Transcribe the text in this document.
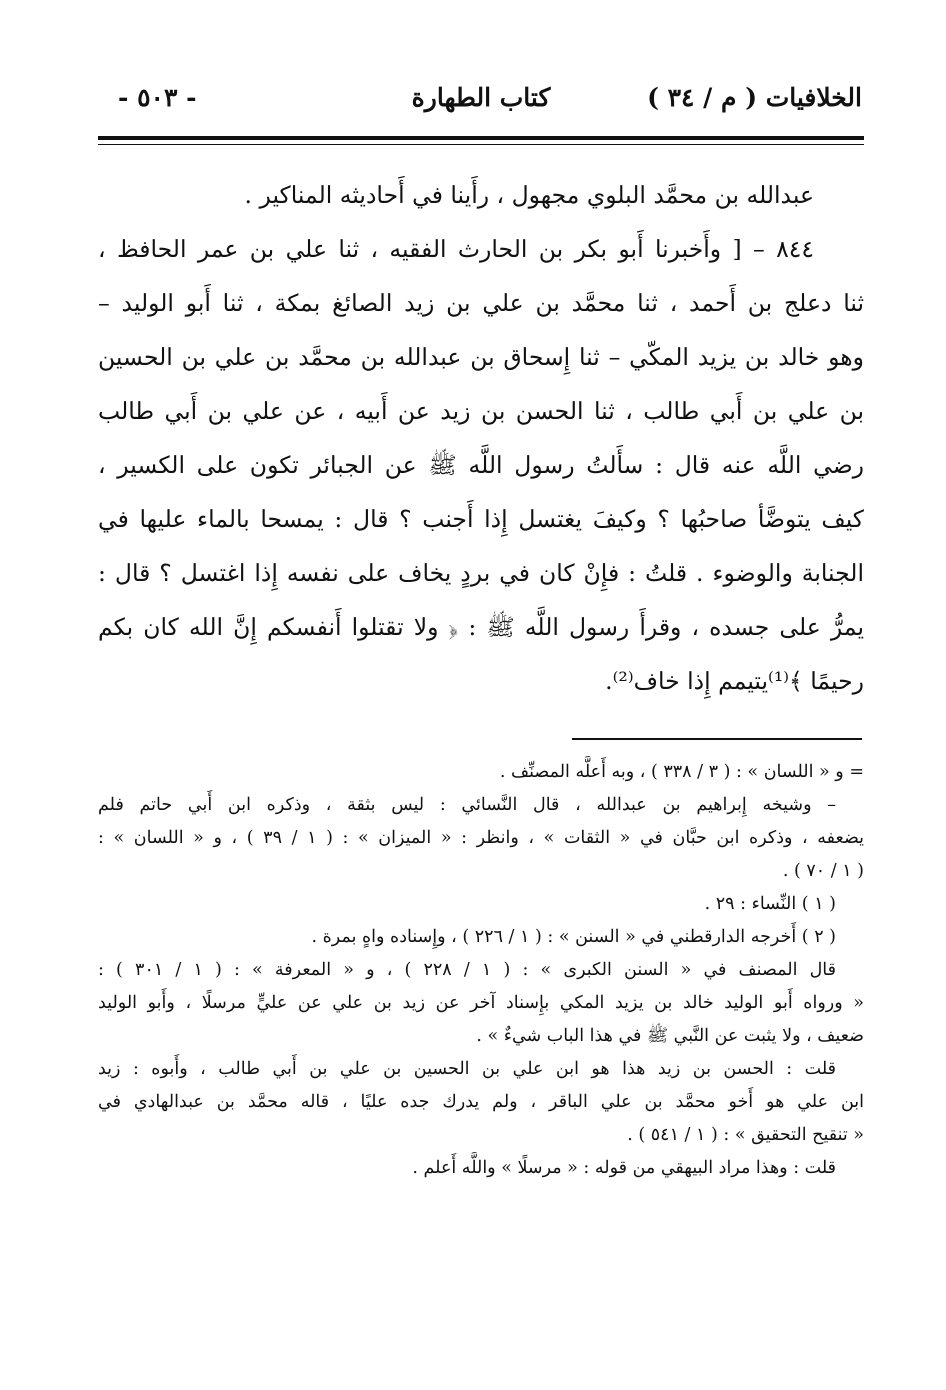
الخلافيات ( م / ٣٤ )
كتاب الطهارة
- ٥٠٣ -
عبدالله بن محمَّد البلوي مجهول ، رأَينا في أَحاديثه المناكير .
٨٤٤ – [ وأَخبرنا أَبو بكر بن الحارث الفقيه ، ثنا علي بن عمر الحافظ ،
ثنا دعلج بن أَحمد ، ثنا محمَّد بن علي بن زيد الصائغ بمكة ، ثنا أَبو الوليد –
وهو خالد بن يزيد المكّي – ثنا إِسحاق بن عبدالله بن محمَّد بن علي بن الحسين
بن علي بن أَبي طالب ، ثنا الحسن بن زيد عن أَبيه ، عن علي بن أَبي طالب
رضي اللَّه عنه قال : سأَلتُ رسول اللَّه ﷺ عن الجبائر تكون على الكسير ،
كيف يتوضَّأ صاحبُها ؟ وكيفَ يغتسل إِذا أَجنب ؟ قال : يمسحا بالماء عليها في
الجنابة والوضوء . قلتُ : فإِنْ كان في بردٍ يخاف على نفسه إِذا اغتسل ؟ قال :
يمرُّ على جسده ، وقرأَ رسول اللَّه ﷺ : ﴿ ولا تقتلوا أَنفسكم إِنَّ الله كان بكم
رحيمًا ﴾⁽¹⁾يتيمم إِذا خاف⁽²⁾.
= و « اللسان » : ( ٣ / ٣٣٨ ) ، وبه أَعلَّه المصنِّف .
– وشيخه إِبراهيم بن عبدالله ، قال النَّسائي : ليس بثقة ، وذكره ابن أَبي حاتم فلم
يضعفه ، وذكره ابن حبَّان في « الثقات » ، وانظر : « الميزان » : ( ١ / ٣٩ ) ، و « اللسان » :
( ١ / ٧٠ ) .
( ١ ) النِّساء : ٢٩ .
( ٢ ) أَخرجه الدارقطني في « السنن » : ( ١ / ٢٢٦ ) ، وإِسناده واهٍ بمرة .
قال المصنف في « السنن الكبرى » : ( ١ / ٢٢٨ ) ، و « المعرفة » : ( ١ / ٣٠١ ) :
« ورواه أَبو الوليد خالد بن يزيد المكي بإِسناد آخر عن زيد بن علي عن عليٍّ مرسلًا ، وأَبو الوليد
ضعيف ، ولا يثبت عن النَّبي ﷺ في هذا الباب شيءٌ » .
قلت : الحسن بن زيد هذا هو ابن علي بن الحسين بن علي بن أَبي طالب ، وأَبوه : زيد
ابن علي هو أَخو محمَّد بن علي الباقر ، ولم يدرك جده عليًا ، قاله محمَّد بن عبدالهادي في
« تنقيح التحقيق » : ( ١ / ٥٤١ ) .
قلت : وهذا مراد البيهقي من قوله : « مرسلًا » واللَّه أَعلم .
